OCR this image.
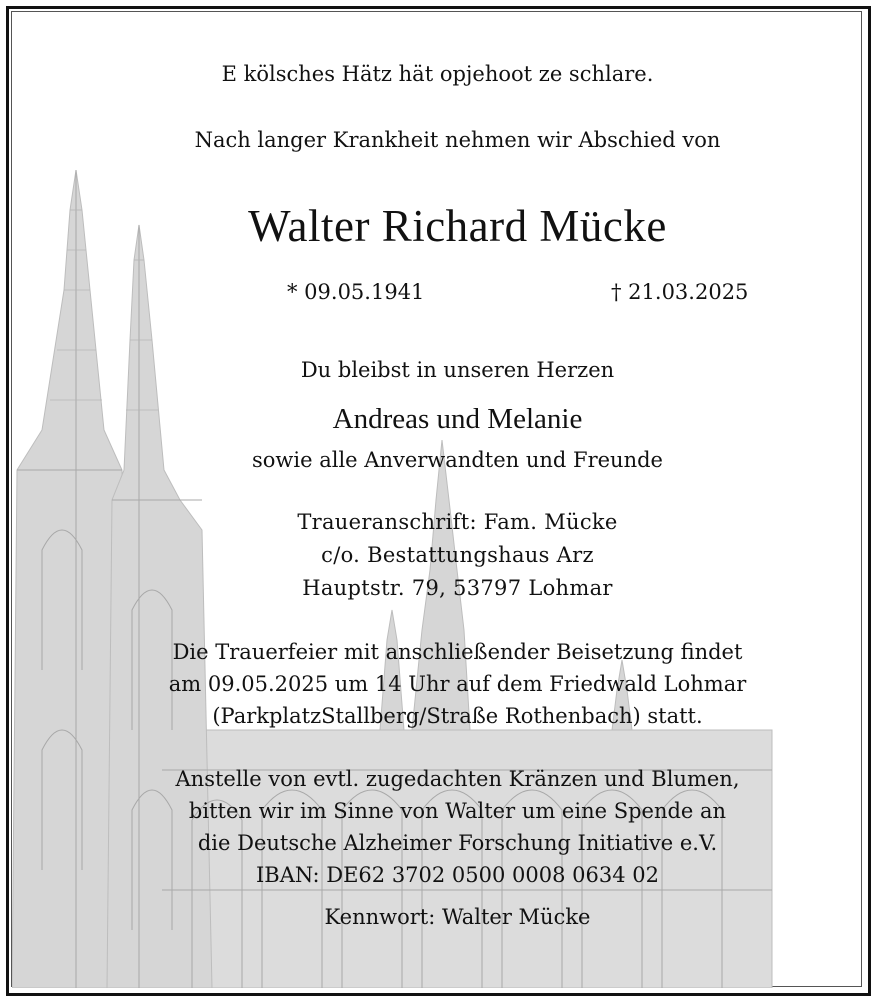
E kölsches Hätz hät opjehoot ze schlare.
Nach langer Krankheit nehmen wir Abschied von
Walter Richard Mücke
* 09.05.1941	† 21.03.2025
Du bleibst in unseren Herzen
Andreas und Melanie
sowie alle Anverwandten und Freunde
Traueranschrift: Fam. Mücke
c/o. Bestattungshaus Arz
Hauptstr. 79, 53797 Lohmar
Die Trauerfeier mit anschließender Beisetzung findet
am 09.05.2025 um 14 Uhr auf dem Friedwald Lohmar
(ParkplatzStallberg/Straße Rothenbach) statt.
Anstelle von evtl. zugedachten Kränzen und Blumen,
bitten wir im Sinne von Walter um eine Spende an
die Deutsche Alzheimer Forschung Initiative e.V.
IBAN: DE62 3702 0500 0008 0634 02
Kennwort: Walter Mücke
